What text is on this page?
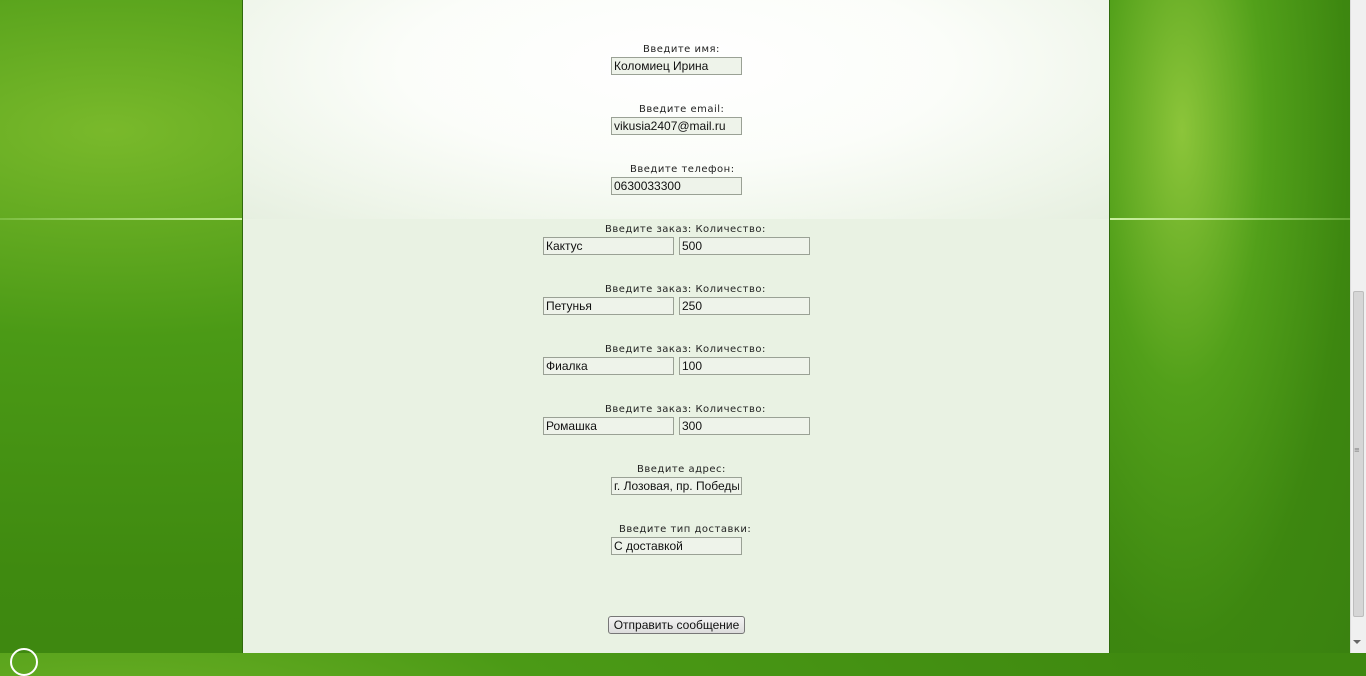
Введите имя:
Коломиец Ирина
Введите email:
vikusia2407@mail.ru
Введите телефон:
0630033300
Введите заказ: Количество:
Кактус
500
Введите заказ: Количество:
Петунья
250
Введите заказ: Количество:
Фиалка
100
Введите заказ: Количество:
Ромашка
300
Введите адрес:
г. Лозовая, пр. Победы
Введите тип доставки:
С доставкой
Отправить сообщение
≡
